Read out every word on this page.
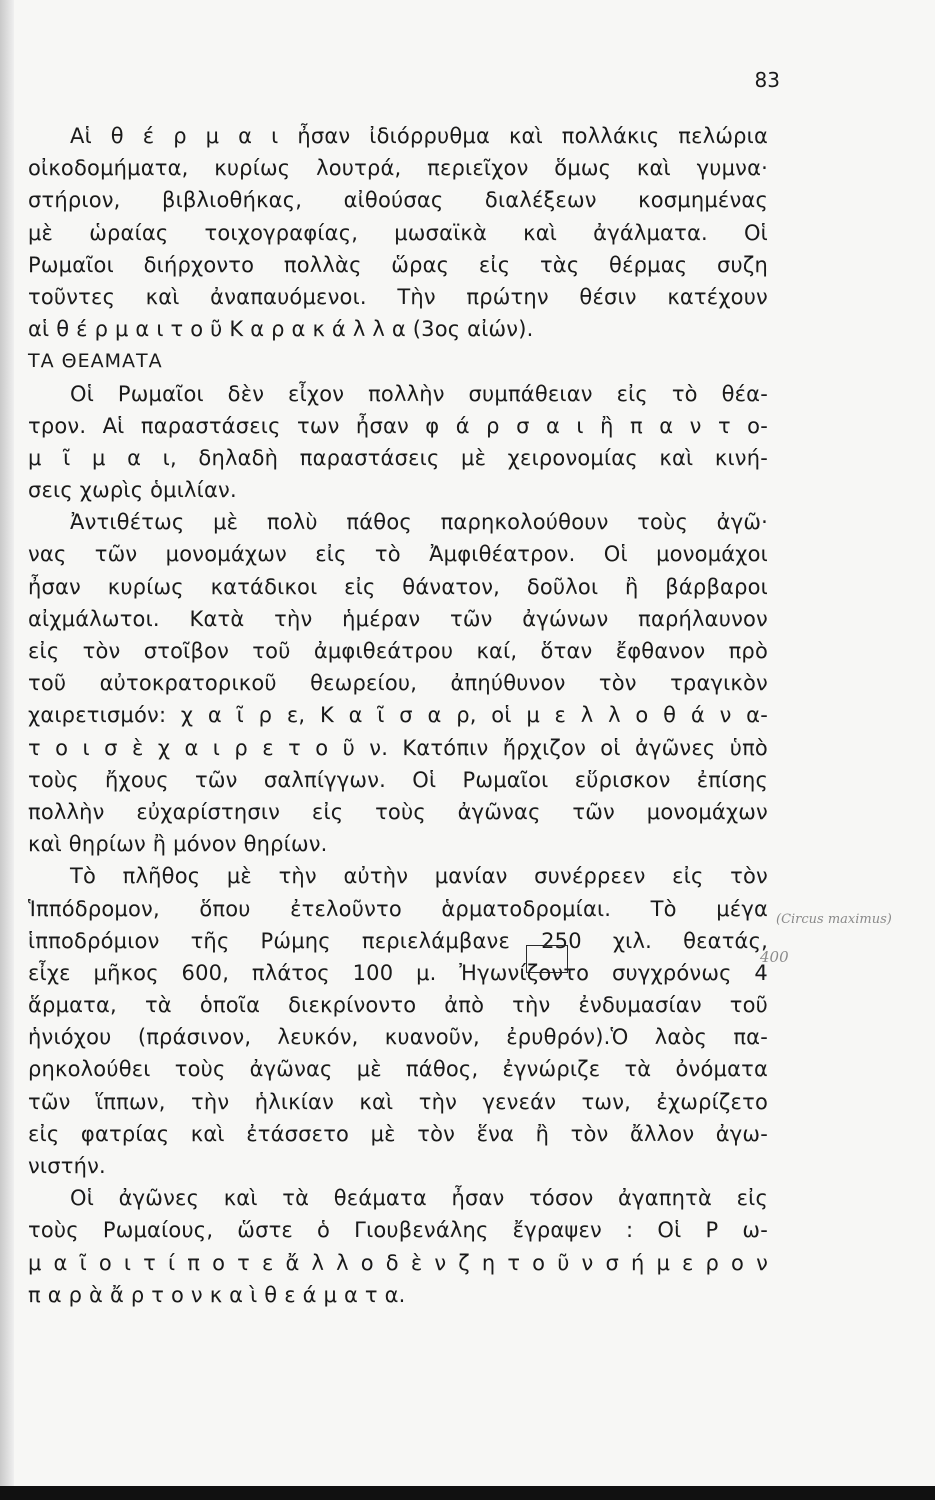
83
Αἱ θ έ ρ μ α ι ἦσαν ἰδιόρρυθμα καὶ πολλάκις πελώρια
οἰκοδομήματα, κυρίως λουτρά, περιεῖχον ὅμως καὶ γυμνα·
στήριον, βιβλιοθήκας, αἰθούσας διαλέξεων κοσμημένας
μὲ ὡραίας τοιχογραφίας, μωσαϊκὰ καὶ ἀγάλματα. Οἱ
Ρωμαῖοι διήρχοντο πολλὰς ὥρας εἰς τὰς θέρμας συζη
τοῦντες καὶ ἀναπαυόμενοι. Τὴν πρώτην θέσιν κατέχουν
αἱ θ έ ρ μ α ι τ ο ῦ Κ α ρ α κ ά λ λ α (3ος αἰών).
ΤΑ ΘΕΑΜΑΤΑ
Οἱ Ρωμαῖοι δὲν εἶχον πολλὴν συμπάθειαν εἰς τὸ θέα-
τρον. Αἱ παραστάσεις των ἦσαν φ ά ρ σ α ι ἢ π α ν τ ο-
μ ῖ μ α ι, δηλαδὴ παραστάσεις μὲ χειρονομίας καὶ κινή-
σεις χωρὶς ὁμιλίαν.
Ἀντιθέτως μὲ πολὺ πάθος παρηκολούθουν τοὺς ἀγῶ·
νας τῶν μονομάχων εἰς τὸ Ἀμφιθέατρον. Οἱ μονομάχοι
ἦσαν κυρίως κατάδικοι εἰς θάνατον, δοῦλοι ἢ βάρβαροι
αἰχμάλωτοι. Κατὰ τὴν ἡμέραν τῶν ἀγώνων παρήλαυνον
εἰς τὸν στοῖβον τοῦ ἀμφιθεάτρου καί, ὅταν ἔφθανον πρὸ
τοῦ αὐτοκρατορικοῦ θεωρείου, ἀπηύθυνον τὸν τραγικὸν
χαιρετισμόν: χ α ῖ ρ ε, Κ α ῖ σ α ρ, οἱ μ ε λ λ ο θ ά ν α-
τ ο ι σ ὲ χ α ι ρ ε τ ο ῦ ν. Κατόπιν ἤρχιζον οἱ ἀγῶνες ὑπὸ
τοὺς ἤχους τῶν σαλπίγγων. Οἱ Ρωμαῖοι εὕρισκον ἐπίσης
πολλὴν εὐχαρίστησιν εἰς τοὺς ἀγῶνας τῶν μονομάχων
καὶ θηρίων ἢ μόνον θηρίων.
Τὸ πλῆθος μὲ τὴν αὐτὴν μανίαν συνέρρεεν εἰς τὸν
Ἱππόδρομον, ὅπου ἐτελοῦντο ἁρματοδρομίαι. Τὸ μέγα
ἱπποδρόμιον τῆς Ρώμης περιελάμβανε 250 χιλ. θεατάς,
εἶχε μῆκος 600, πλάτος 100 μ. Ἠγωνίζοντο συγχρόνως 4
ἅρματα, τὰ ὁποῖα διεκρίνοντο ἀπὸ τὴν ἐνδυμασίαν τοῦ
ἡνιόχου (πράσινον, λευκόν, κυανοῦν, ἐρυθρόν).Ὁ λαὸς πα-
ρηκολούθει τοὺς ἀγῶνας μὲ πάθος, ἐγνώριζε τὰ ὀνόματα
τῶν ἵππων, τὴν ἡλικίαν καὶ τὴν γενεάν των, ἐχωρίζετο
εἰς φατρίας καὶ ἐτάσσετο μὲ τὸν ἕνα ἢ τὸν ἄλλον ἀγω-
νιστήν.
Οἱ ἀγῶνες καὶ τὰ θεάματα ἦσαν τόσον ἀγαπητὰ εἰς
τοὺς Ρωμαίους, ὥστε ὁ Γιουβενάλης ἔγραψεν : Οἱ Ρ ω-
μ α ῖ ο ι τ ί π ο τ ε ἄ λ λ ο δ ὲ ν ζ η τ ο ῦ ν σ ή μ ε ρ ο ν
π α ρ ὰ ἄ ρ τ ο ν κ α ὶ θ ε ά μ α τ α.
(Circus maximus)
400
